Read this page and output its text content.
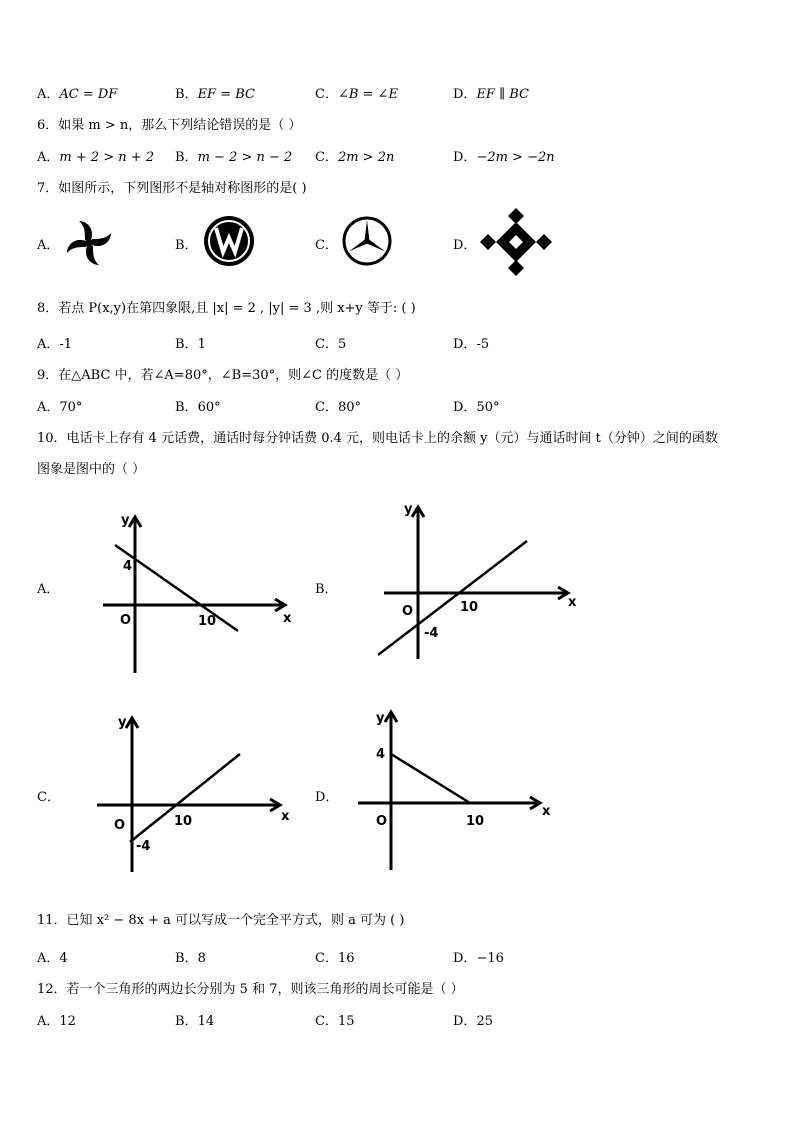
A．AC = DF	B．EF = BC	C．∠B = ∠E	D．EF ∥ BC
6．如果 m > n，那么下列结论错误的是（ ）
A．m + 2 > n + 2 B．m − 2 > n − 2 C．2m > 2n	D．−2m > −2n
7．如图所示，下列图形不是轴对称图形的是( )
A．	B．	C．	D．
8．若点 P(x,y)在第四象限,且 |x| = 2 , |y| = 3 ,则 x+y 等于: ( )
A．-1	B．1	C．5	D．-5
9．在△ABC 中，若∠A=80°，∠B=30°，则∠C 的度数是（ ）
A．70°	B．60°	C．80°	D．50°
10．电话卡上存有 4 元话费，通话时每分钟话费 0.4 元，则电话卡上的余额 y（元）与通话时间 t（分钟）之间的函数
图象是图中的（ ）
A．
y
x
O
4
10
B．
y
x
O
-4
10
C．
y
x
O
-4
10
D．
y
x
O
4
10
11．已知 x² − 8x + a 可以写成一个完全平方式，则 a 可为 ( )
A．4	B．8	C．16	D．−16
12．若一个三角形的两边长分别为 5 和 7，则该三角形的周长可能是（ ）
A．12	B．14	C．15	D．25
